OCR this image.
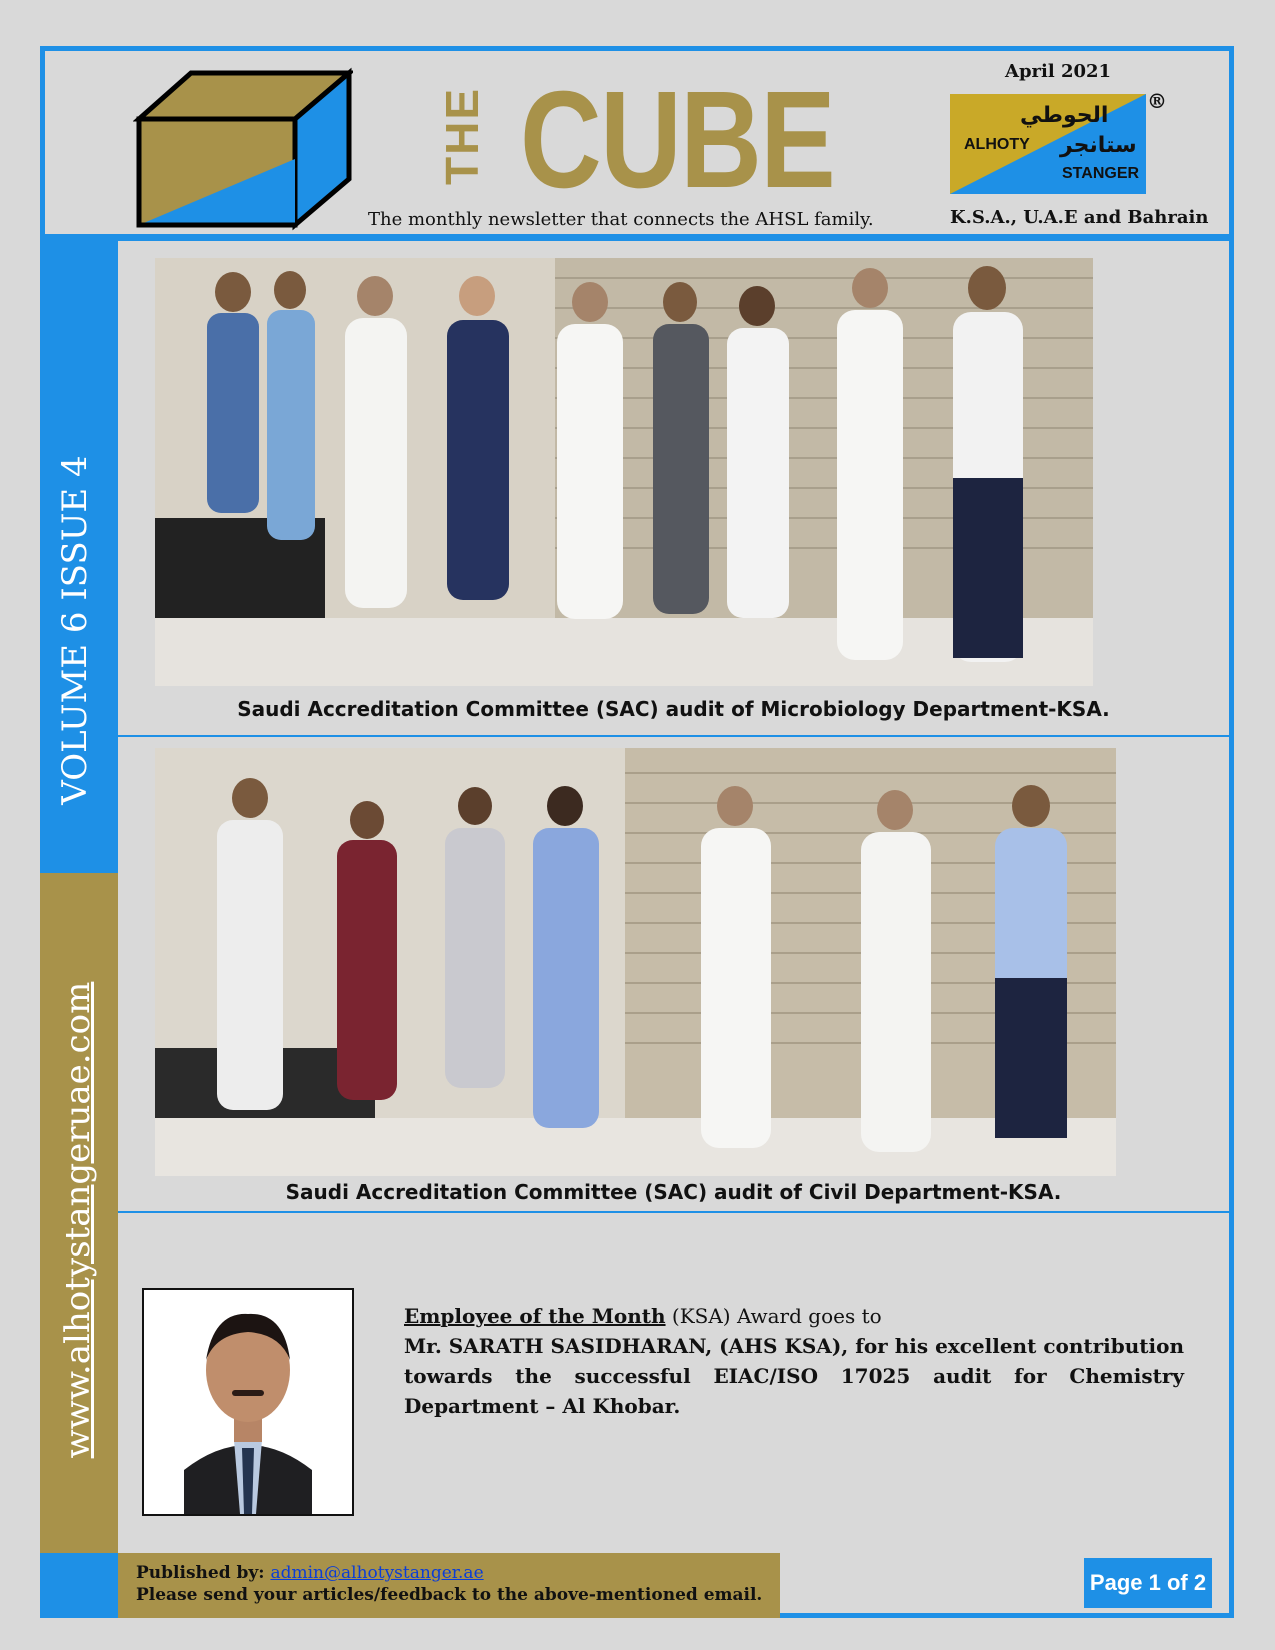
THE CUBE
The monthly newsletter that connects the AHSL family.
April 2021
الحوطي
ALHOTY ستانجر
STANGER
®
K.S.A., U.A.E and Bahrain
VOLUME 6 ISSUE 4
www.alhotystangeruae.com
Saudi Accreditation Committee (SAC) audit of Microbiology Department-KSA.
Saudi Accreditation Committee (SAC) audit of Civil Department-KSA.
Employee of the Month (KSA) Award goes to
Mr. SARATH SASIDHARAN, (AHS KSA), for his excellent contribution towards the successful EIAC/ISO 17025 audit for Chemistry Department – Al Khobar.
Published by: admin@alhotystanger.ae
Please send your articles/feedback to the above-mentioned email.	Page 1 of 2
